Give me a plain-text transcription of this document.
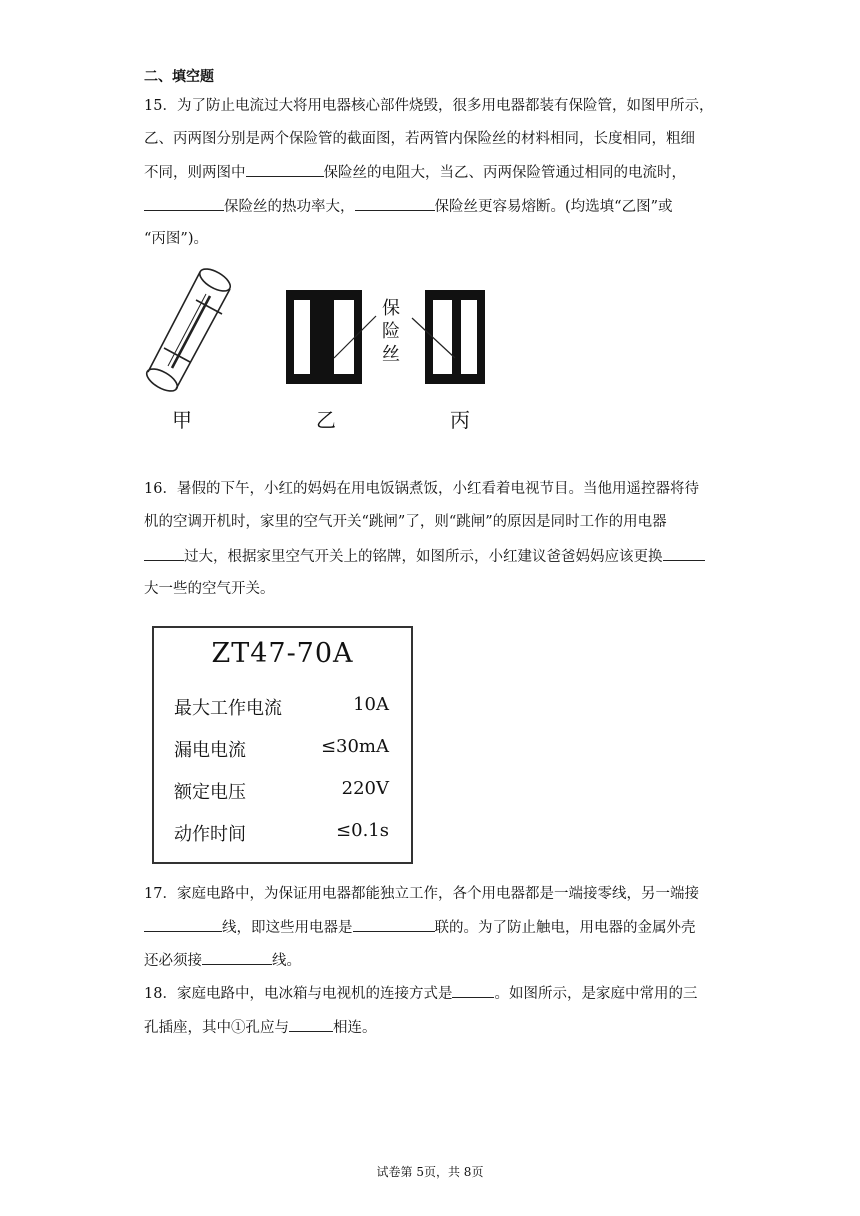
二、填空题
15．为了防止电流过大将用电器核心部件烧毁，很多用电器都装有保险管，如图甲所示，
乙、丙两图分别是两个保险管的截面图，若两管内保险丝的材料相同，长度相同，粗细
不同，则两图中	保险丝的电阻大，当乙、丙两保险管通过相同的电流时，
保险丝的热功率大，	保险丝更容易熔断。(均选填“乙图”或
“丙图”)。
保
险
丝
甲	乙	丙
16．暑假的下午，小红的妈妈在用电饭锅煮饭，小红看着电视节目。当他用遥控器将待
机的空调开机时，家里的空气开关“跳闸”了，则“跳闸”的原因是同时工作的用电器
过大，根据家里空气开关上的铭牌，如图所示，小红建议爸爸妈妈应该更换
大一些的空气开关。
ZT47-70A
最大工作电流	10A
漏电电流	≤30mA
额定电压	220V
动作时间	≤0.1s
17．家庭电路中，为保证用电器都能独立工作，各个用电器都是一端接零线，另一端接
线，即这些用电器是	联的。为了防止触电，用电器的金属外壳
还必须接	线。
18．家庭电路中，电冰箱与电视机的连接方式是	。如图所示，是家庭中常用的三
孔插座，其中①孔应与	相连。
试卷第 5页，共 8页
